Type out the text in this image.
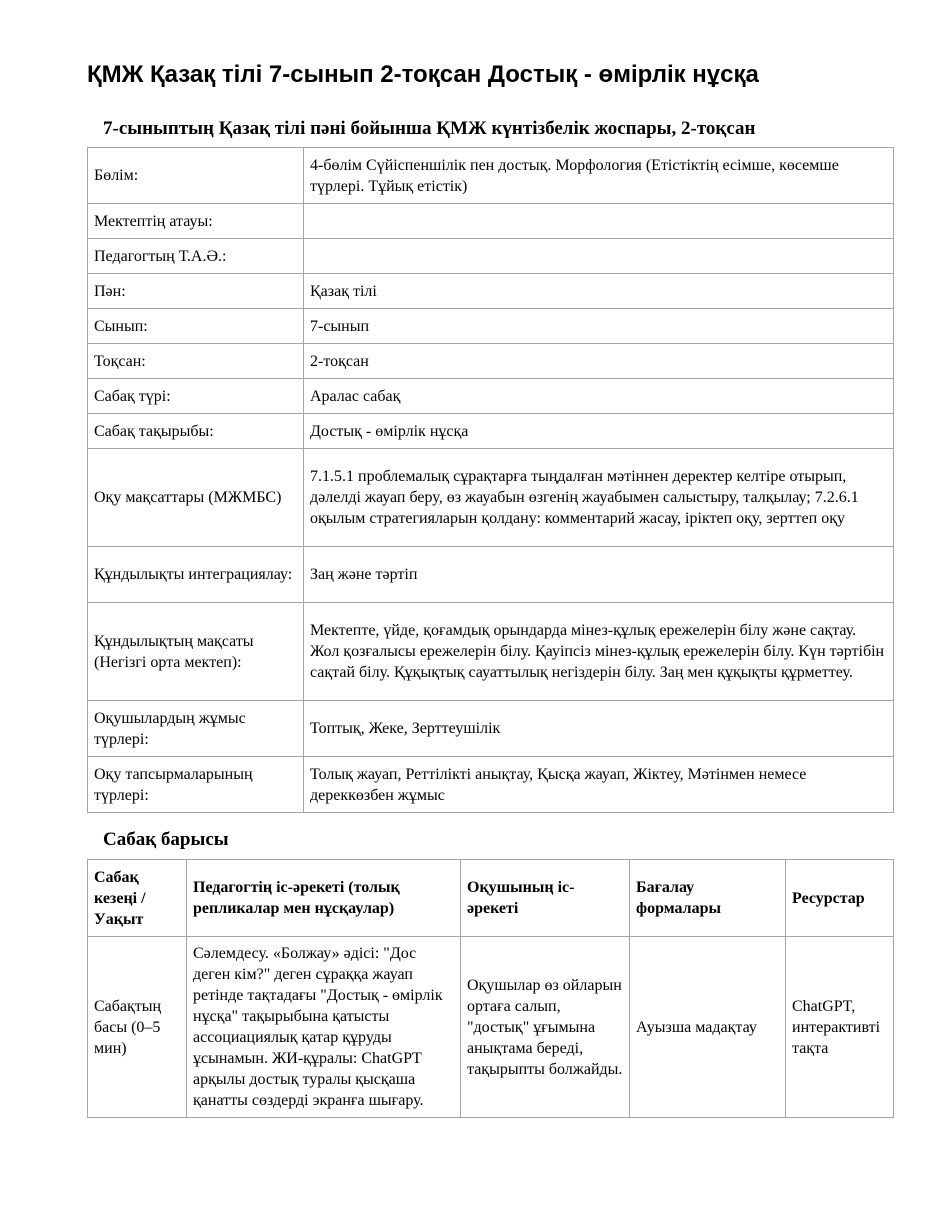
ҚМЖ Қазақ тілі 7-сынып 2-тоқсан Достық - өмірлік нұсқа
7-сыныптың Қазақ тілі пәні бойынша ҚМЖ күнтізбелік жоспары, 2-тоқсан
Бөлім:	4-бөлім Сүйіспеншілік пен достық. Морфология (Етістіктің есімше, көсемше түрлері. Тұйық етістік)
Мектептің атауы:	
Педагогтың Т.А.Ә.:	
Пән:	Қазақ тілі
Сынып:	7-сынып
Тоқсан:	2-тоқсан
Сабақ түрі:	Аралас сабақ
Сабақ тақырыбы:	Достық - өмірлік нұсқа
Оқу мақсаттары (МЖМБС)	7.1.5.1 проблемалық сұрақтарға тыңдалған мәтіннен деректер келтіре отырып, дәлелді жауап беру, өз жауабын өзгенің жауабымен салыстыру, талқылау; 7.2.6.1 оқылым стратегияларын қолдану: комментарий жасау, іріктеп оқу, зерттеп оқу
Құндылықты интеграциялау:	Заң және тәртіп
Құндылықтың мақсаты (Негізгі орта мектеп):	Мектепте, үйде, қоғамдық орындарда мінез-құлық ережелерін білу және сақтау. Жол қозғалысы ережелерін білу. Қауіпсіз мінез-құлық ережелерін білу. Күн тәртібін сақтай білу. Құқықтық сауаттылық негіздерін білу. Заң мен құқықты құрметтеу.
Оқушылардың жұмыс түрлері:	Топтық, Жеке, Зерттеушілік
Оқу тапсырмаларының түрлері:	Толық жауап, Реттілікті анықтау, Қысқа жауап, Жіктеу, Мәтінмен немесе дереккөзбен жұмыс
Сабақ барысы
Сабақ кезеңі / Уақыт	Педагогтің іс-әрекеті (толық репликалар мен нұсқаулар)	Оқушының іс-әрекеті	Бағалау формалары	Ресурстар
Сабақтың басы (0–5 мин)	Сәлемдесу. «Болжау» әдісі: "Дос деген кім?" деген сұраққа жауап ретінде тақтадағы "Достық - өмірлік нұсқа" тақырыбына қатысты ассоциациялық қатар құруды ұсынамын. ЖИ-құралы: ChatGPT арқылы достық туралы қысқаша қанатты сөздерді экранға шығару.	Оқушылар өз ойларын ортаға салып, "достық" ұғымына анықтама береді, тақырыпты болжайды.	Ауызша мадақтау	ChatGPT, интерактивті тақта
